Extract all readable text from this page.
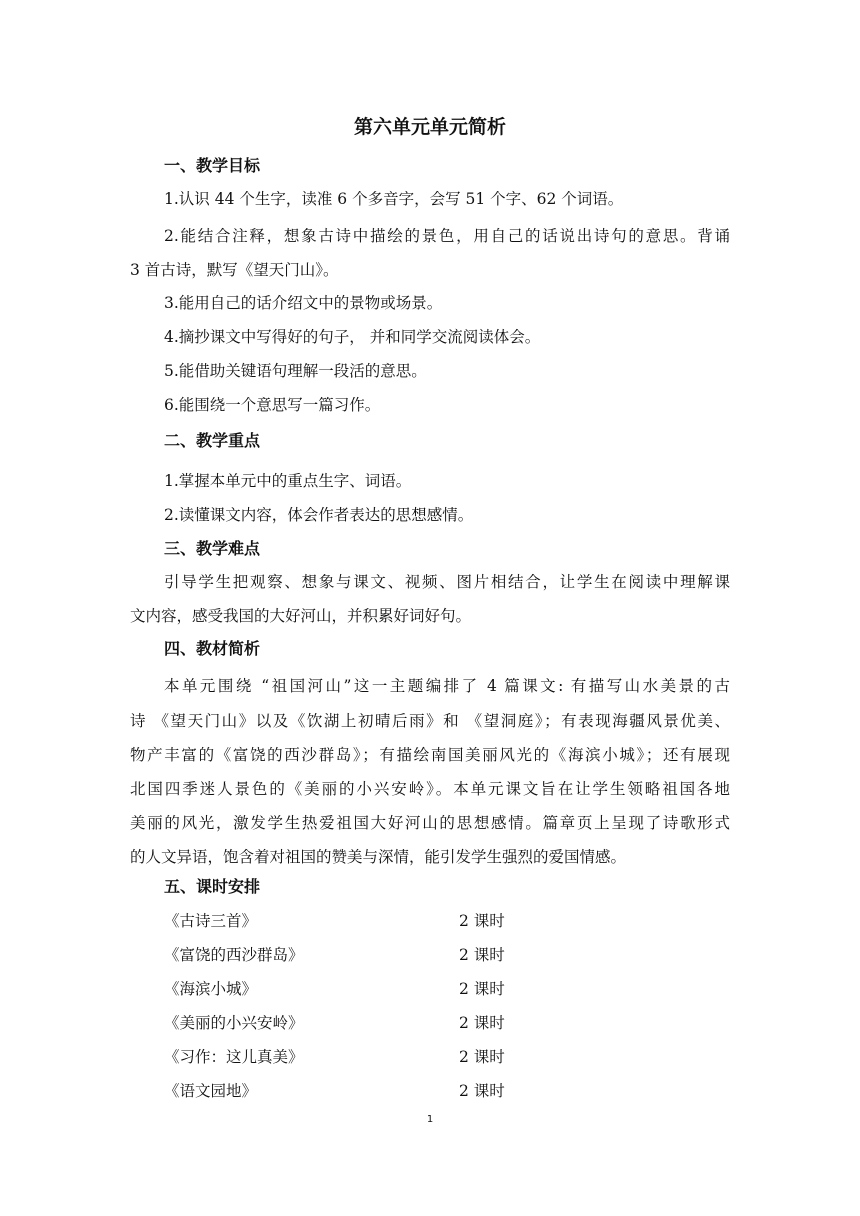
第六单元单元简析
一、教学目标
1.认识 44 个生字，读准 6 个多音字，会写 51 个字、62 个词语。
2.能结合注释，想象古诗中描绘的景色，用自己的话说出诗句的意思。背诵
3 首古诗，默写《望天门山》。
3.能用自己的话介绍文中的景物或场景。
4.摘抄课文中写得好的句子， 并和同学交流阅读体会。
5.能借助关键语句理解一段活的意思。
6.能围绕一个意思写一篇习作。
二、教学重点
1.掌握本单元中的重点生字、词语。
2.读懂课文内容，体会作者表达的思想感情。
三、教学难点
引导学生把观察、想象与课文、视频、图片相结合，让学生在阅读中理解课
文内容，感受我国的大好河山，并积累好词好句。
四、教材简析
本单元围绕 “祖国河山”这一主题编排了 4 篇课文: 有描写山水美景的古
诗 《望天门山》以及《饮湖上初晴后雨》和 《望洞庭》；有表现海疆风景优美、
物产丰富的《富饶的西沙群岛》；有描绘南国美丽风光的《海滨小城》；还有展现
北国四季迷人景色的《美丽的小兴安岭》。本单元课文旨在让学生领略祖国各地
美丽的风光，激发学生热爱祖国大好河山的思想感情。篇章页上呈现了诗歌形式
的人文异语，饱含着对祖国的赞美与深情，能引发学生强烈的爱国情感。
五、课时安排
《古诗三首》	2 课时
《富饶的西沙群岛》	2 课时
《海滨小城》	2 课时
《美丽的小兴安岭》	2 课时
《习作：这儿真美》	2 课时
《语文园地》	2 课时
1
